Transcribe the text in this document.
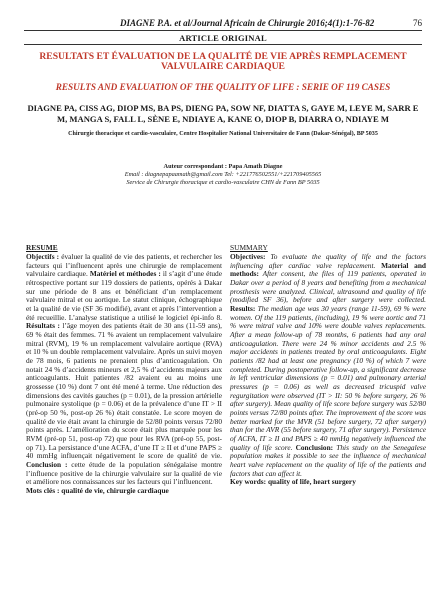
DIAGNE P.A. et al/Journal Africain de Chirurgie 2016;4(1):1-76-82	76
ARTICLE ORIGINAL
RESULTATS ET ÉVALUATION DE LA QUALITÉ DE VIE APRÈS REMPLACEMENT VALVULAIRE CARDIAQUE
RESULTS AND EVALUATION OF THE QUALITY OF LIFE : SERIE OF 119 CASES
DIAGNE PA, CISS AG, DIOP MS, BA PS, DIENG PA, SOW NF, DIATTA S, GAYE M, LEYE M, SARR E M, MANGA S, FALL L, SÈNE E, NDIAYE A, KANE O, DIOP B, DIARRA O, NDIAYE M
Chirurgie thoracique et cardio-vasculaire, Centre Hospitalier National Universitaire de Fann (Dakar-Sénégal), BP 5035
Auteur correspondant : Papa Amath Diagne
Email : diagnepapaamath@gmail.com Tel: +221776502551/+221709405565
Service de Chirurgie thoracique et cardio-vasculaire CHN de Fann BP 5035
RESUME

Objectifs : évaluer la qualité de vie des patients, et rechercher les facteurs qui l’influencent après une chirurgie de remplacement valvulaire cardiaque. Matériel et méthodes : il s’agit d’une étude rétrospective portant sur 119 dossiers de patients, opérés à Dakar sur une période de 8 ans et bénéficiant d’un remplacement valvulaire mitral et ou aortique. Le statut clinique, échographique et la qualité de vie (SF 36 modifié), avant et après l’intervention a été recueillie. L’analyse statistique a utilisé le logiciel épi-info 8. Résultats : l’âge moyen des patients était de 30 ans (11-59 ans), 69 % était des femmes. 71 % avaient un remplacement valvulaire mitral (RVM), 19 % un remplacement valvulaire aortique (RVA) et 10 % un double remplacement valvulaire. Après un suivi moyen de 78 mois, 6 patients ne prenaient plus d’anticoagulation. On notait 24 % d’accidents mineurs et 2,5 % d’accidents majeurs aux anticoagulants. Huit patientes /82 avaient eu au moins une grossesse (10 %) dont 7 ont été mené à terme. Une réduction des dimensions des cavités gauches (p = 0.01), de la pression artérielle pulmonaire systolique (p = 0.06) et de la prévalence d’une IT > II (pré-op 50 %, post-op 26 %) était constatée. Le score moyen de qualité de vie était avant la chirurgie de 52/80 points versus 72/80 points après. L’amélioration du score était plus marquée pour les RVM (pré-op 51, post-op 72) que pour les RVA (pré-op 55, post-op 71). La persistance d’une ACFA, d’une IT ≥ II et d’une PAPS ≥ 40 mmHg influençait négativement le score de qualité de vie. Conclusion : cette étude de la population sénégalaise montre l’influence positive de la chirurgie valvulaire sur la qualité de vie et améliore nos connaissances sur les facteurs qui l’influencent.

Mots clés : qualité de vie, chirurgie cardiaque

SUMMARY

Objectives: To evaluate the quality of life and the factors influencing after cardiac valve replacement. Material and methods: After consent, the files of 119 patients, operated in Dakar over a period of 8 years and benefiting from a mechanical prosthesis were analyzed. Clinical, ultrasound and quality of life (modified SF 36), before and after surgery were collected. Results: The median age was 30 years (range 11-59), 69 % were women. Of the 119 patients, (including), 19 % were aortic and 71 % were mitral valve and 10% were double valves replacements. After a mean follow-up of 78 months, 6 patients had any oral anticoagulation. There were 24 % minor accidents and 2.5 % major accidents in patients treated by oral anticoagulants. Eight patients /82 had at least one pregnancy (10 %) of which 7 were completed. During postoperative follow-up, a significant decrease in left ventricular dimensions (p = 0.01) and pulmonary arterial pressures (p = 0.06) as well as decreased tricuspid valve regurgitation were observed (IT > II: 50 % before surgery, 26 % after surgery). Mean quality of life score before surgery was 52/80 points versus 72/80 points after. The improvement of the score was better marked for the MVR (51 before surgery, 72 after surgery) than for the AVR (55 before surgery, 71 after surgery). Persistence of ACFA, IT ≥ II and PAPS ≥ 40 mmHg negatively influenced the quality of life score. Conclusion: This study on the Senegalese population makes it possible to see the influence of mechanical heart valve replacement on the quality of life of the patients and factors that can affect it.

Key words: quality of life, heart surgery
